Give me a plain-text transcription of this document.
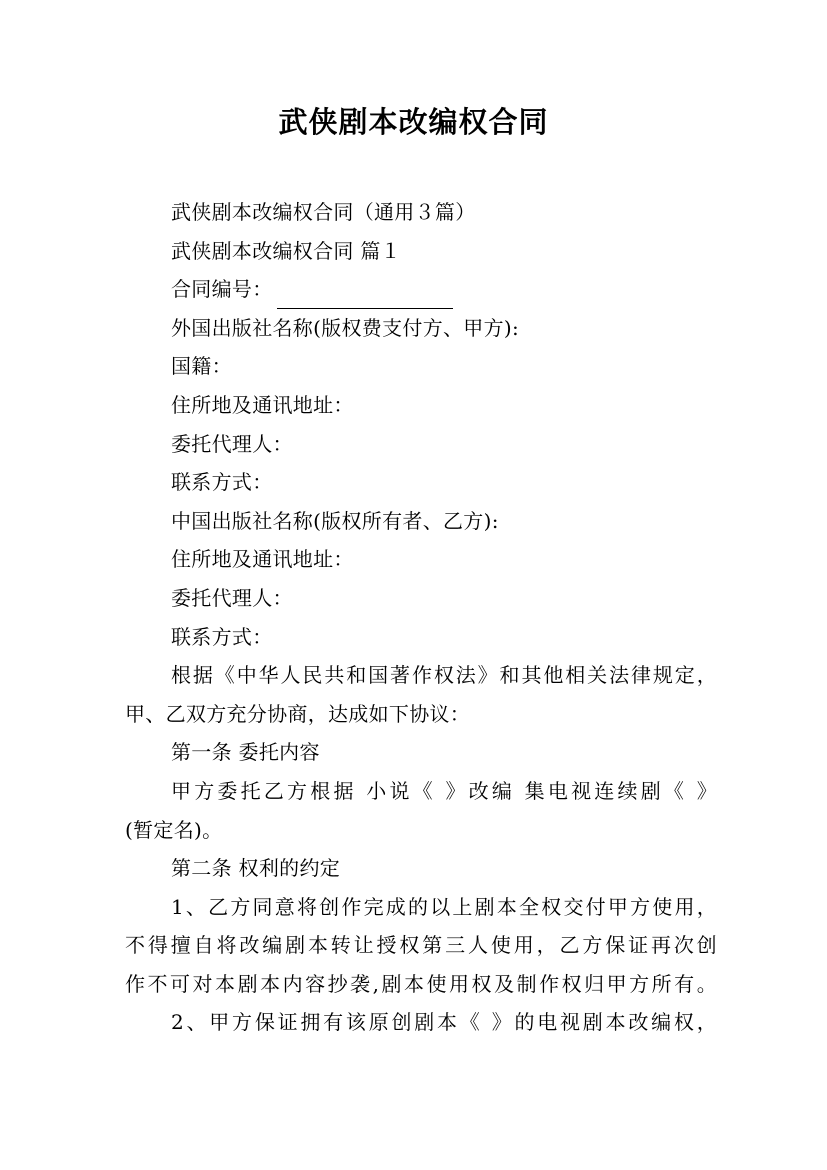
武侠剧本改编权合同

武侠剧本改编权合同（通用３篇）

武侠剧本改编权合同 篇１

合同编号：

外国出版社名称(版权费支付方、甲方):

国籍：

住所地及通讯地址：

委托代理人：

联系方式：

中国出版社名称(版权所有者、乙方):

住所地及通讯地址：

委托代理人：

联系方式：

根据《中华人民共和国著作权法》和其他相关法律规定，

甲、乙双方充分协商，达成如下协议：

第一条 委托内容

甲方委托乙方根据 小说《 》改编 集电视连续剧《 》

(暂定名)。

第二条 权利的约定

1、乙方同意将创作完成的以上剧本全权交付甲方使用，

不得擅自将改编剧本转让授权第三人使用，乙方保证再次创

作不可对本剧本内容抄袭,剧本使用权及制作权归甲方所有。

2、甲方保证拥有该原创剧本《 》的电视剧本改编权，
